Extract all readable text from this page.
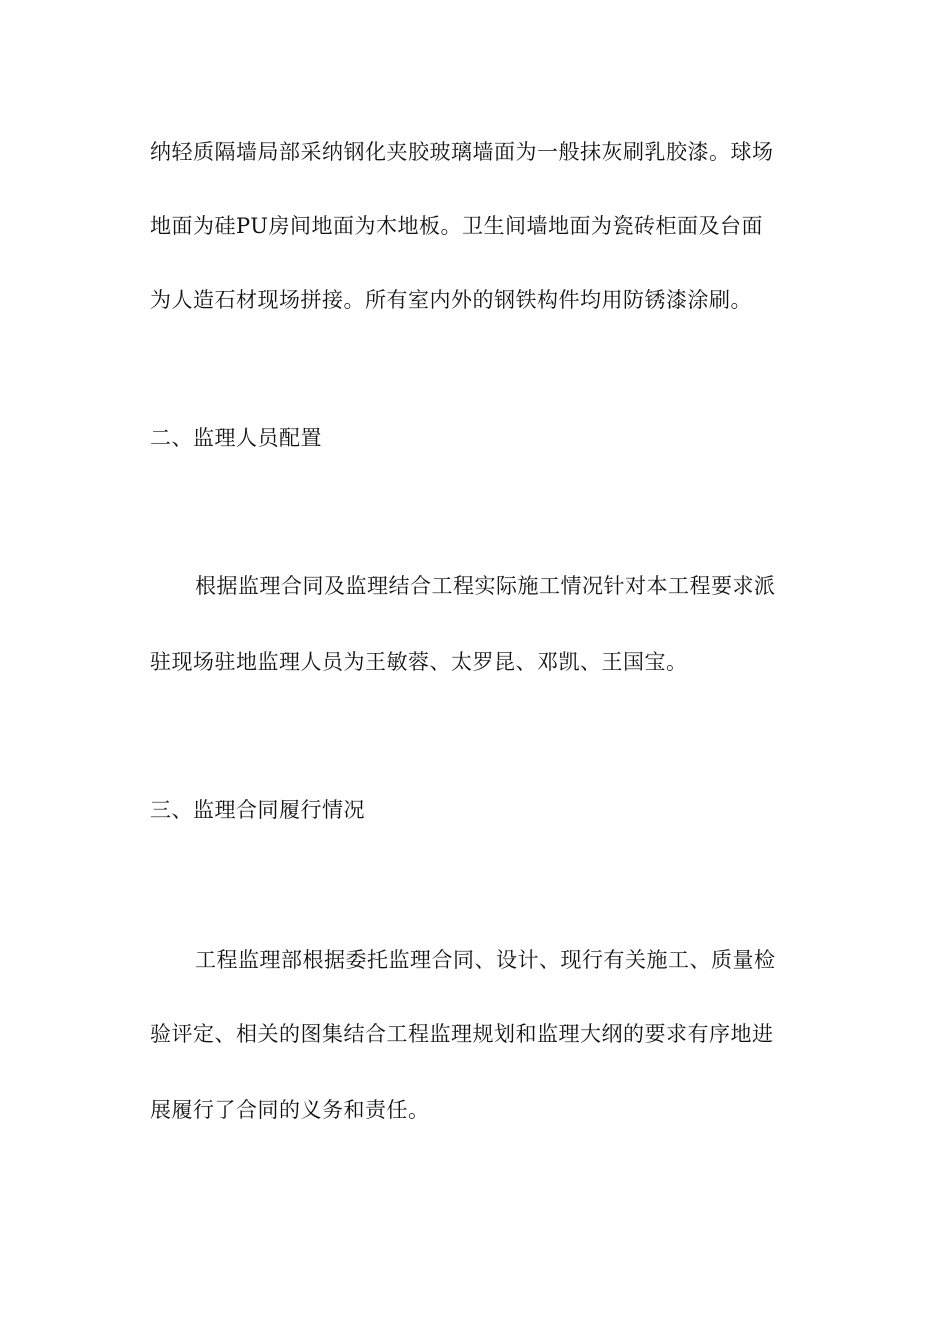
纳轻质隔墙局部采纳钢化夹胶玻璃墙面为一般抹灰刷乳胶漆。球场
地面为硅PU房间地面为木地板。卫生间墙地面为瓷砖柜面及台面
为人造石材现场拼接。所有室内外的钢铁构件均用防锈漆涂刷。
二、监理人员配置
根据监理合同及监理结合工程实际施工情况针对本工程要求派
驻现场驻地监理人员为王敏蓉、太罗昆、邓凯、王国宝。
三、监理合同履行情况
工程监理部根据委托监理合同、设计、现行有关施工、质量检
验评定、相关的图集结合工程监理规划和监理大纲的要求有序地进
展履行了合同的义务和责任。
